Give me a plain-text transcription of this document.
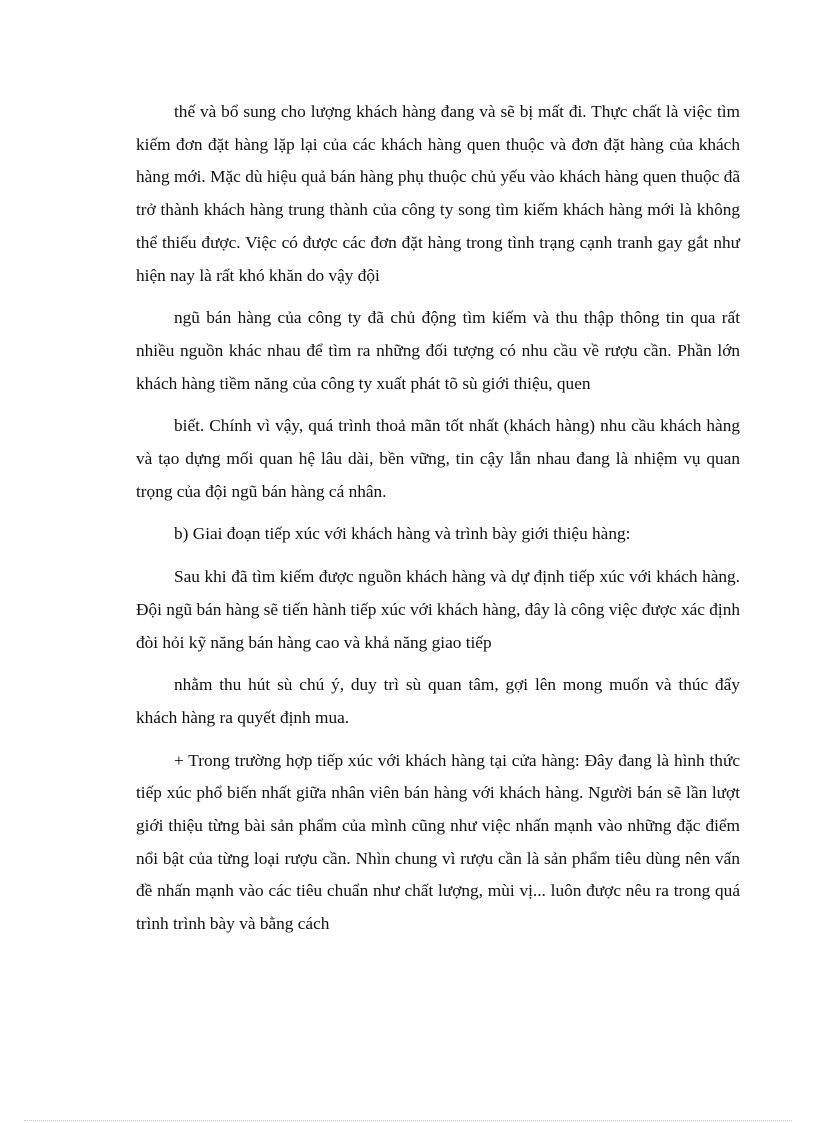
thế và bổ sung cho lượng khách hàng đang và sẽ bị mất đi. Thực chất là việc tìm kiếm đơn đặt hàng lặp lại của các khách hàng quen thuộc và đơn đặt hàng của khách hàng mới. Mặc dù hiệu quả bán hàng phụ thuộc chủ yếu vào khách hàng quen thuộc đã trở thành khách hàng trung thành của công ty song tìm kiếm khách hàng mới là không thể thiếu được. Việc có được các đơn đặt hàng trong tình trạng cạnh tranh gay gắt như hiện nay là rất khó khăn do vậy đội

ngũ bán hàng của công ty đã chủ động tìm kiếm và thu thập thông tin qua rất nhiều nguồn khác nhau để tìm ra những đối tượng có nhu cầu về rượu cần. Phần lớn khách hàng tiềm năng của công ty xuất phát tõ sù giới thiệu, quen

biết. Chính vì vậy, quá trình thoả mãn tốt nhất (khách hàng) nhu cầu khách hàng và tạo dựng mối quan hệ lâu dài, bền vững, tin cậy lẫn nhau đang là nhiệm vụ quan trọng của đội ngũ bán hàng cá nhân.

b) Giai đoạn tiếp xúc với khách hàng và trình bày giới thiệu hàng:

Sau khi đã tìm kiếm được nguồn khách hàng và dự định tiếp xúc với khách hàng. Đội ngũ bán hàng sẽ tiến hành tiếp xúc với khách hàng, đây là công việc được xác định đòi hỏi kỹ năng bán hàng cao và khả năng giao tiếp

nhằm thu hút sù chú ý, duy trì sù quan tâm, gợi lên mong muốn và thúc đẩy khách hàng ra quyết định mua.

+ Trong trường hợp tiếp xúc với khách hàng tại cửa hàng: Đây đang là hình thức tiếp xúc phổ biến nhất giữa nhân viên bán hàng với khách hàng. Người bán sẽ lần lượt giới thiệu từng bài sản phẩm của mình cũng như việc nhấn mạnh vào những đặc điểm nổi bật của từng loại rượu cần. Nhìn chung vì rượu cần là sản phẩm tiêu dùng nên vấn đề nhấn mạnh vào các tiêu chuẩn như chất lượng, mùi vị... luôn được nêu ra trong quá trình trình bày và bằng cách
